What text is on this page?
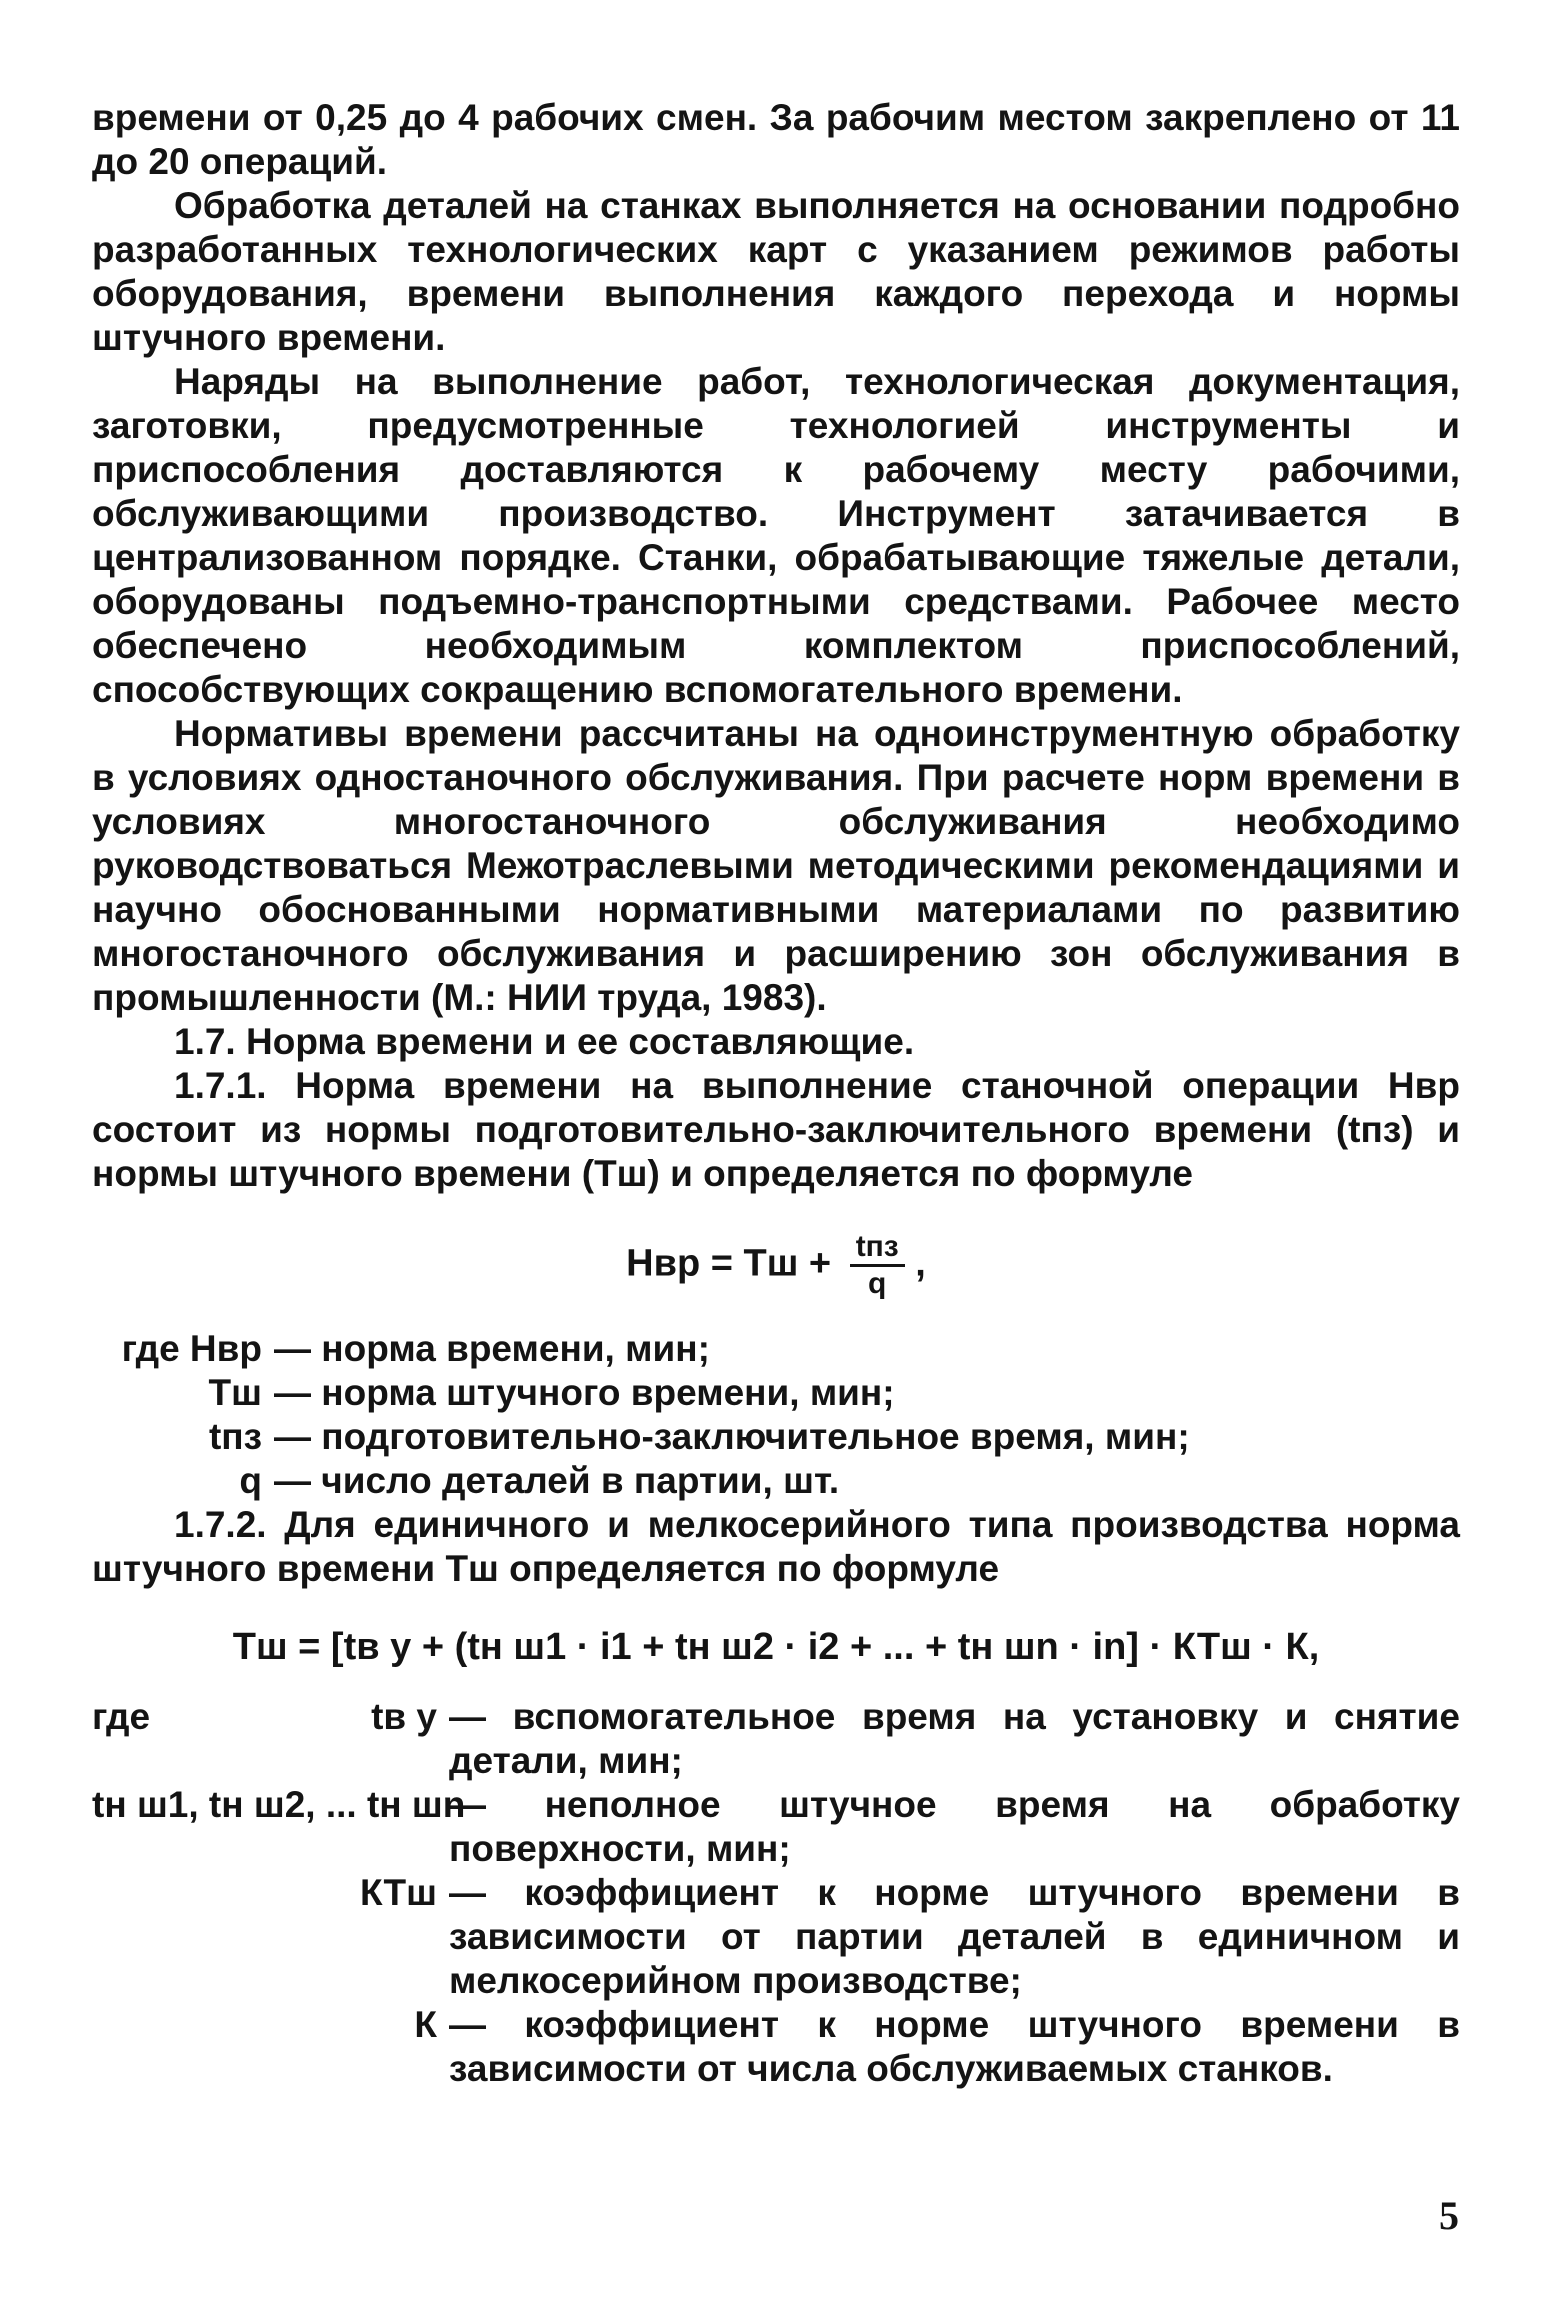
времени от 0,25 до 4 рабочих смен. За рабочим местом закреплено от 11 до 20 операций.

Обработка деталей на станках выполняется на основании подробно разработанных технологических карт с указанием режимов работы оборудования, времени выполнения каждого перехода и нормы штучного времени.

Наряды на выполнение работ, технологическая документация, заготовки, предусмотренные технологией инструменты и приспособления доставляются к рабочему месту рабочими, обслуживающими производство. Инструмент затачивается в централизованном порядке. Станки, обрабатывающие тяжелые детали, оборудованы подъемно-транспортными средствами. Рабочее место обеспечено необходимым комплектом приспособлений, способствующих сокращению вспомогательного времени.

Нормативы времени рассчитаны на одноинструментную обработку в условиях одностаночного обслуживания. При расчете норм времени в условиях многостаночного обслуживания необходимо руководствоваться Межотраслевыми методическими рекомендациями и научно обоснованными нормативными материалами по развитию многостаночного обслуживания и расширению зон обслуживания в промышленности (М.: НИИ труда, 1983).

1.7. Норма времени и ее составляющие.

1.7.1. Норма времени на выполнение станочной операции Нвр состоит из нормы подготовительно-заключительного времени (tпз) и нормы штучного времени (Тш) и определяется по формуле

Нвр = Тш + $\frac{\text{tпз}}{q}$ ,
где Нвр — норма времени, мин;
Тш — норма штучного времени, мин;
tпз — подготовительно-заключительное время, мин;
q — число деталей в партии, шт.

1.7.2. Для единичного и мелкосерийного типа производства норма штучного времени Тш определяется по формуле

Тш = [tв у + (tн ш1 · i1 + tн ш2 · i2 + ... + tн шn · in] · КТш · К,
где	tв у — вспомогательное время на установку и снятие детали, мин;
tн ш1, tн ш2, ... tн шn
— неполное штучное время на обработку поверхности, мин;
КТш — коэффициент к норме штучного времени в зависимости от партии деталей в единичном и мелкосерийном производстве;
К — коэффициент к норме штучного времени в зависимости от числа обслуживаемых станков.
5
